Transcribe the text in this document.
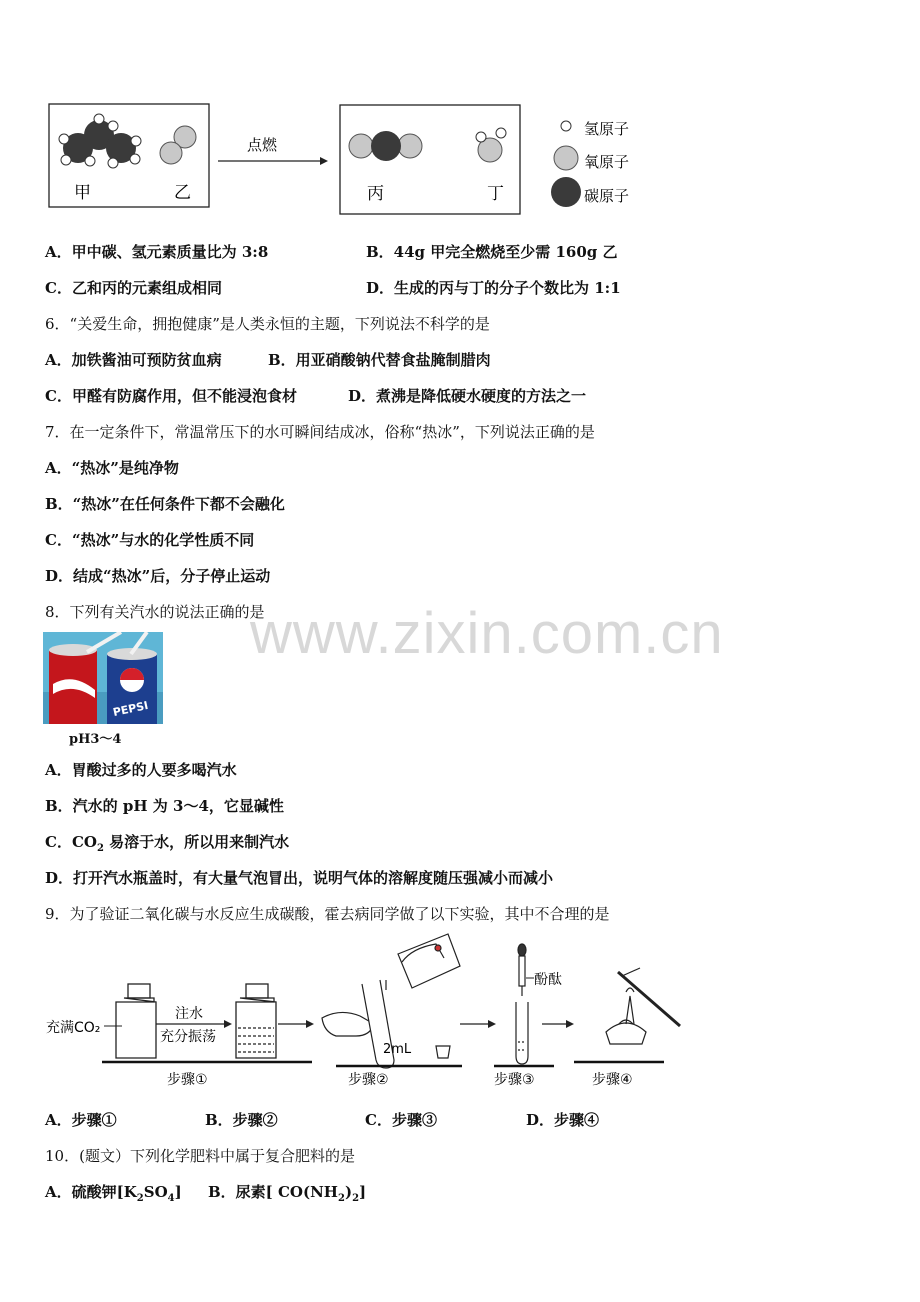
甲	乙
点燃
丙	丁
氢原子
氧原子
碳原子
A．甲中碳、氢元素质量比为 3:8	B．44g 甲完全燃烧至少需 160g 乙
C．乙和丙的元素组成相同	D．生成的丙与丁的分子个数比为 1:1
6．“关爱生命，拥抱健康”是人类永恒的主题，下列说法不科学的是
A．加铁酱油可预防贫血病	B．用亚硝酸钠代替食盐腌制腊肉
C．甲醛有防腐作用，但不能浸泡食材	D．煮沸是降低硬水硬度的方法之一
7．在一定条件下，常温常压下的水可瞬间结成冰，俗称“热冰”，下列说法正确的是
A．“热冰”是纯净物
B．“热冰”在任何条件下都不会融化
C．“热冰”与水的化学性质不同
D．结成“热冰”后，分子停止运动
8．下列有关汽水的说法正确的是
PEPSI
pH3～4
A．胃酸过多的人要多喝汽水
B．汽水的 pH 为 3～4，它显碱性
C．$CO_2$ 易溶于水，所以用来制汽水
D．打开汽水瓶盖时，有大量气泡冒出，说明气体的溶解度随压强减小而减小
9．为了验证二氧化碳与水反应生成碳酸，霍去病同学做了以下实验，其中不合理的是
充满CO₂
注水
充分振荡
步骤①
2mL
步骤②
酚酞
步骤③	步骤④
A．步骤①	B．步骤②	C．步骤③	D．步骤④
10．(题文）下列化学肥料中属于复合肥料的是
A．硫酸钾$[K_2SO_4]$ B．尿素[ $CO(NH_2)_2$]
www.zixin.com.cn
